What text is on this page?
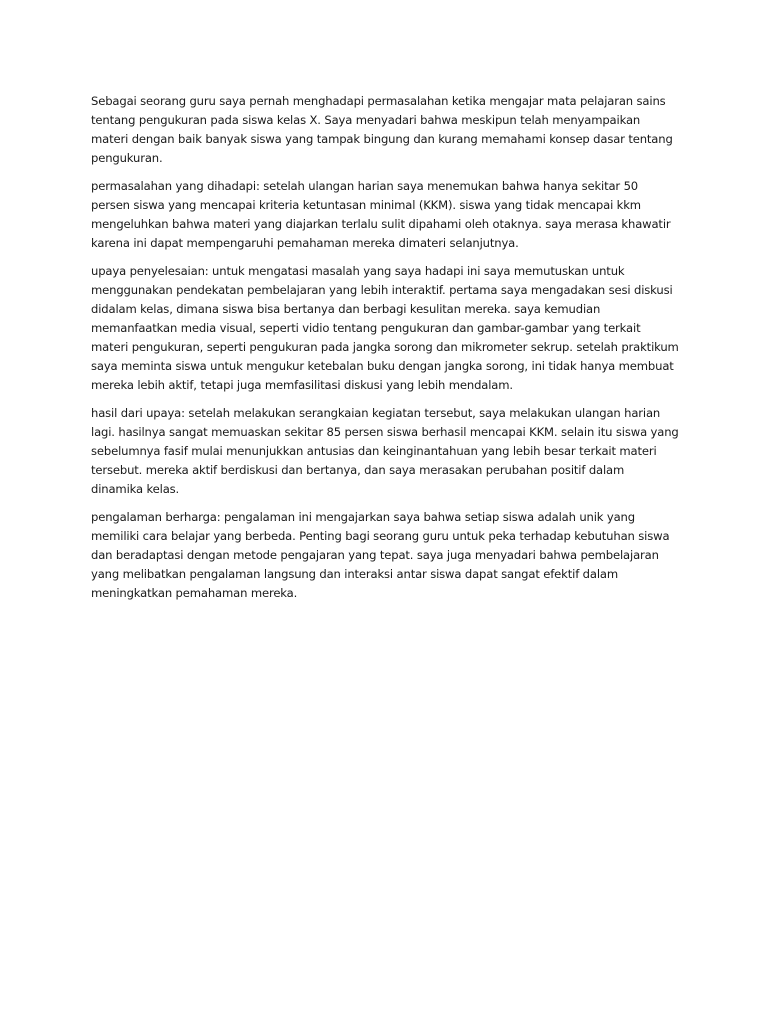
Sebagai seorang guru saya pernah menghadapi permasalahan ketika mengajar mata pelajaran sains tentang pengukuran pada siswa kelas X. Saya menyadari bahwa meskipun telah menyampaikan materi dengan baik banyak siswa yang tampak bingung dan kurang memahami konsep dasar tentang pengukuran.

permasalahan yang dihadapi: setelah ulangan harian saya menemukan bahwa hanya sekitar 50 persen siswa yang mencapai kriteria ketuntasan minimal (KKM). siswa yang tidak mencapai kkm mengeluhkan bahwa materi yang diajarkan terlalu sulit dipahami oleh otaknya. saya merasa khawatir karena ini dapat mempengaruhi pemahaman mereka dimateri selanjutnya.

upaya penyelesaian: untuk mengatasi masalah yang saya hadapi ini saya memutuskan untuk menggunakan pendekatan pembelajaran yang lebih interaktif. pertama saya mengadakan sesi diskusi didalam kelas, dimana siswa bisa bertanya dan berbagi kesulitan mereka. saya kemudian memanfaatkan media visual, seperti vidio tentang pengukuran dan gambar-gambar yang terkait materi pengukuran, seperti pengukuran pada jangka sorong dan mikrometer sekrup. setelah praktikum saya meminta siswa untuk mengukur ketebalan buku dengan jangka sorong, ini tidak hanya membuat mereka lebih aktif, tetapi juga memfasilitasi diskusi yang lebih mendalam.

hasil dari upaya: setelah melakukan serangkaian kegiatan tersebut, saya melakukan ulangan harian lagi. hasilnya sangat memuaskan sekitar 85 persen siswa berhasil mencapai KKM. selain itu siswa yang sebelumnya fasif mulai menunjukkan antusias dan keinginantahuan yang lebih besar terkait materi tersebut. mereka aktif berdiskusi dan bertanya, dan saya merasakan perubahan positif dalam dinamika kelas.

pengalaman berharga: pengalaman ini mengajarkan saya bahwa setiap siswa adalah unik yang memiliki cara belajar yang berbeda. Penting bagi seorang guru untuk peka terhadap kebutuhan siswa dan beradaptasi dengan metode pengajaran yang tepat. saya juga menyadari bahwa pembelajaran yang melibatkan pengalaman langsung dan interaksi antar siswa dapat sangat efektif dalam meningkatkan pemahaman mereka.
